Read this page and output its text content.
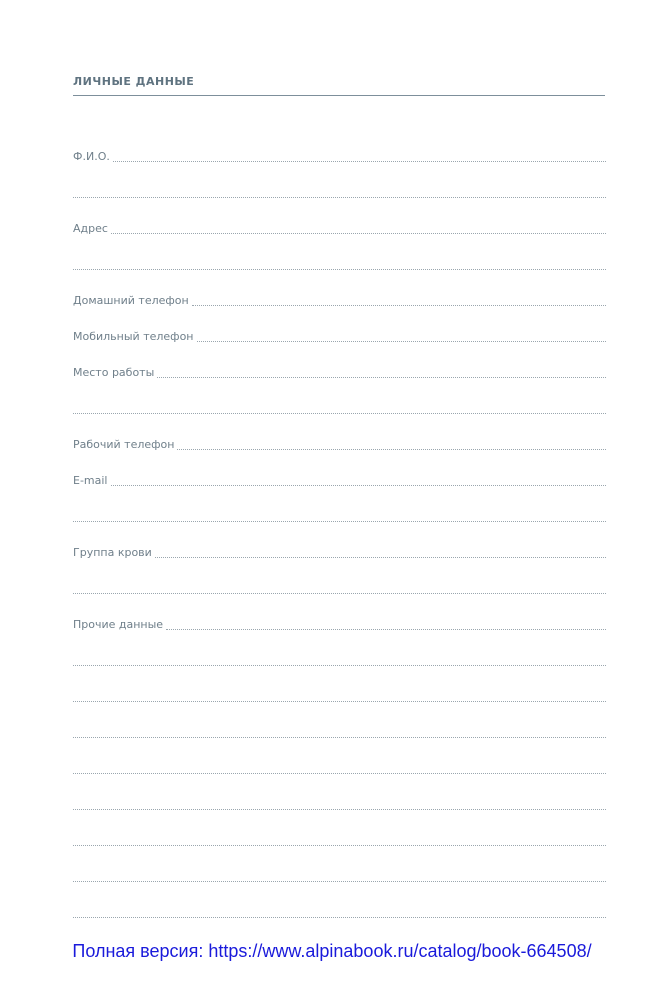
ЛИЧНЫЕ ДАННЫЕ
Ф.И.О.
Адрес
Домашний телефон
Мобильный телефон
Место работы
Рабочий телефон
E-mail
Группа крови
Прочие данные
Полная версия: https://www.alpinabook.ru/catalog/book-664508/
